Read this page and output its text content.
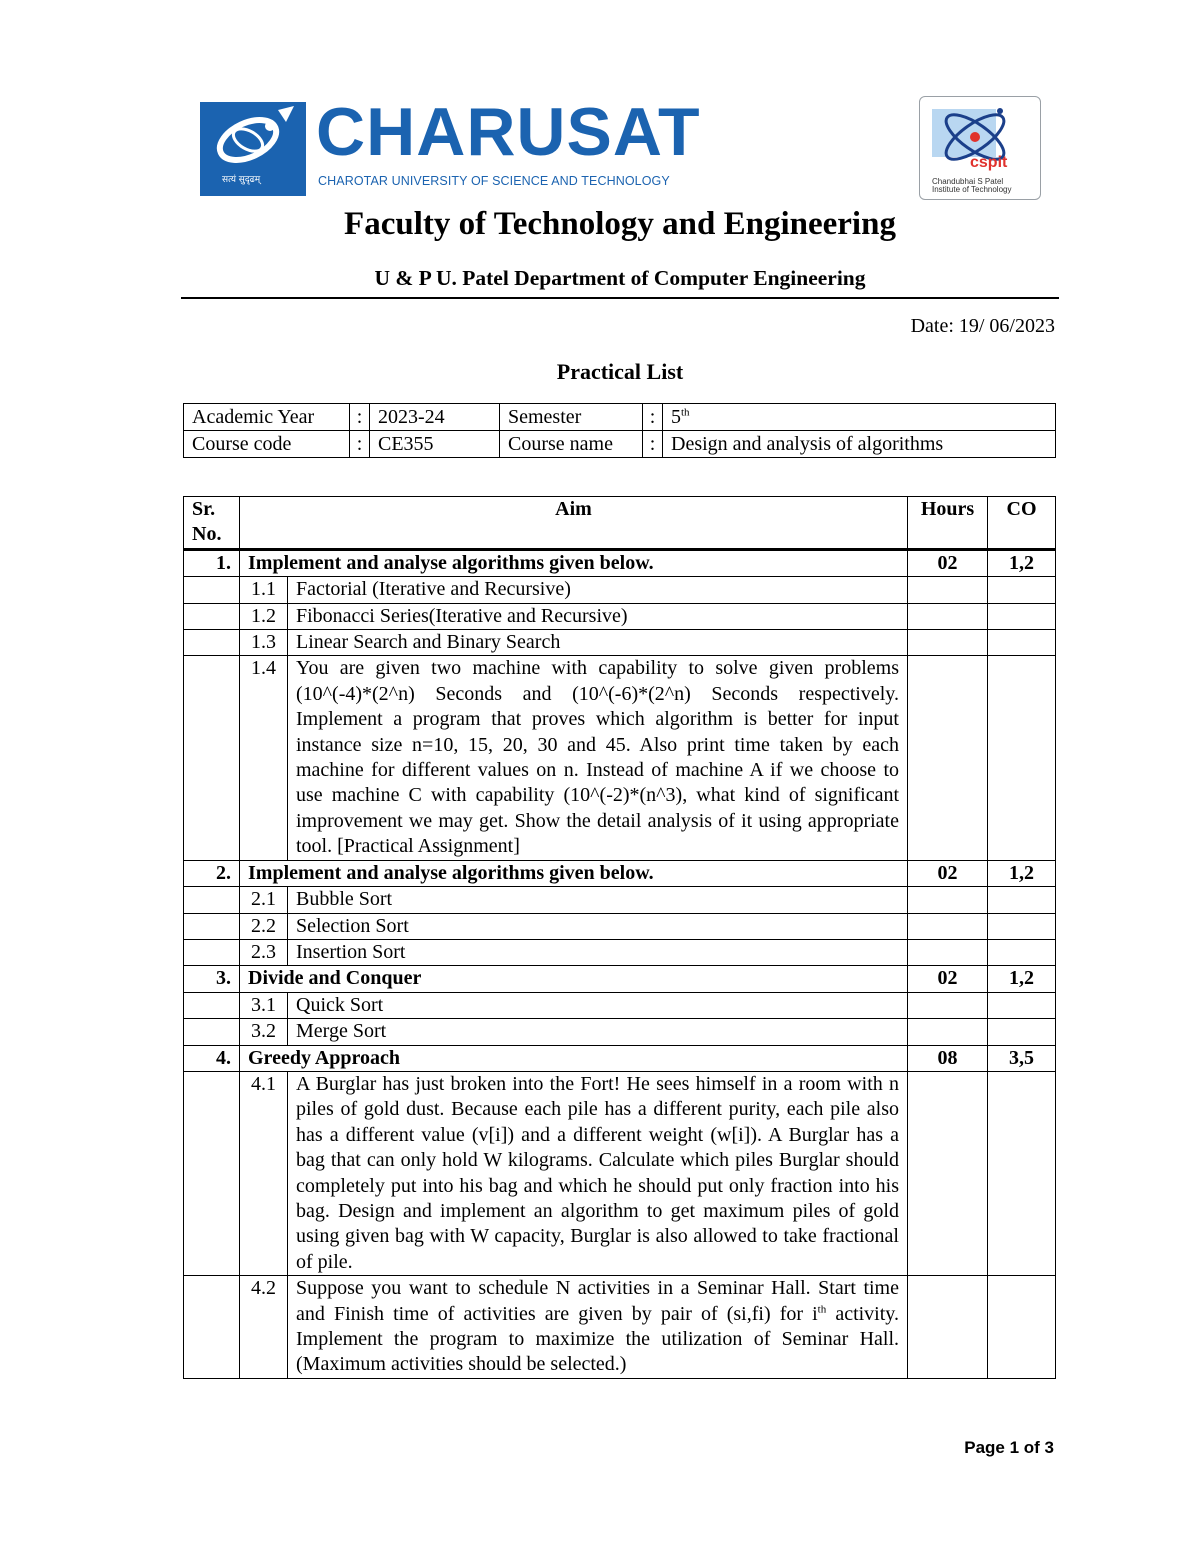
सत्यं सुदृढम्
CHARUSAT
CHAROTAR UNIVERSITY OF SCIENCE AND TECHNOLOGY
cspit
Chandubhai S Patel
Institute of Technology
Faculty of Technology and Engineering
U & P U. Patel Department of Computer Engineering
Date: 19/ 06/2023
Practical List
Academic Year	:	2023-24	Semester	:	5th
Course code	:	CE355	Course name	:	Design and analysis of algorithms
Sr. No.	Aim		Hours	CO
1.	Implement and analyse algorithms given below.		02	1,2
	1.1	Factorial (Iterative and Recursive)		
	1.2	Fibonacci Series(Iterative and Recursive)		
	1.3	Linear Search and Binary Search		
	1.4	You are given two machine with capability to solve given problems (10^(-4)*(2^n) Seconds and (10^(-6)*(2^n) Seconds respectively. Implement a program that proves which algorithm is better for input instance size n=10, 15, 20, 30 and 45. Also print time taken by each machine for different values on n. Instead of machine A if we choose to use machine C with capability (10^(-2)*(n^3), what kind of significant improvement we may get. Show the detail analysis of it using appropriate tool. [Practical Assignment]		
2.	Implement and analyse algorithms given below.		02	1,2
	2.1	Bubble Sort		
	2.2	Selection Sort		
	2.3	Insertion Sort		
3.	Divide and Conquer		02	1,2
	3.1	Quick Sort		
	3.2	Merge Sort		
4.	Greedy Approach		08	3,5
	4.1	A Burglar has just broken into the Fort! He sees himself in a room with n piles of gold dust. Because each pile has a different purity, each pile also has a different value (v[i]) and a different weight (w[i]). A Burglar has a bag that can only hold W kilograms. Calculate which piles Burglar should completely put into his bag and which he should put only fraction into his bag. Design and implement an algorithm to get maximum piles of gold using given bag with W capacity, Burglar is also allowed to take fractional of pile.		
	4.2	Suppose you want to schedule N activities in a Seminar Hall. Start time and Finish time of activities are given by pair of (si,fi) for $i^{th}$ activity. Implement the program to maximize the utilization of Seminar Hall. (Maximum activities should be selected.)		
Page 1 of 3
